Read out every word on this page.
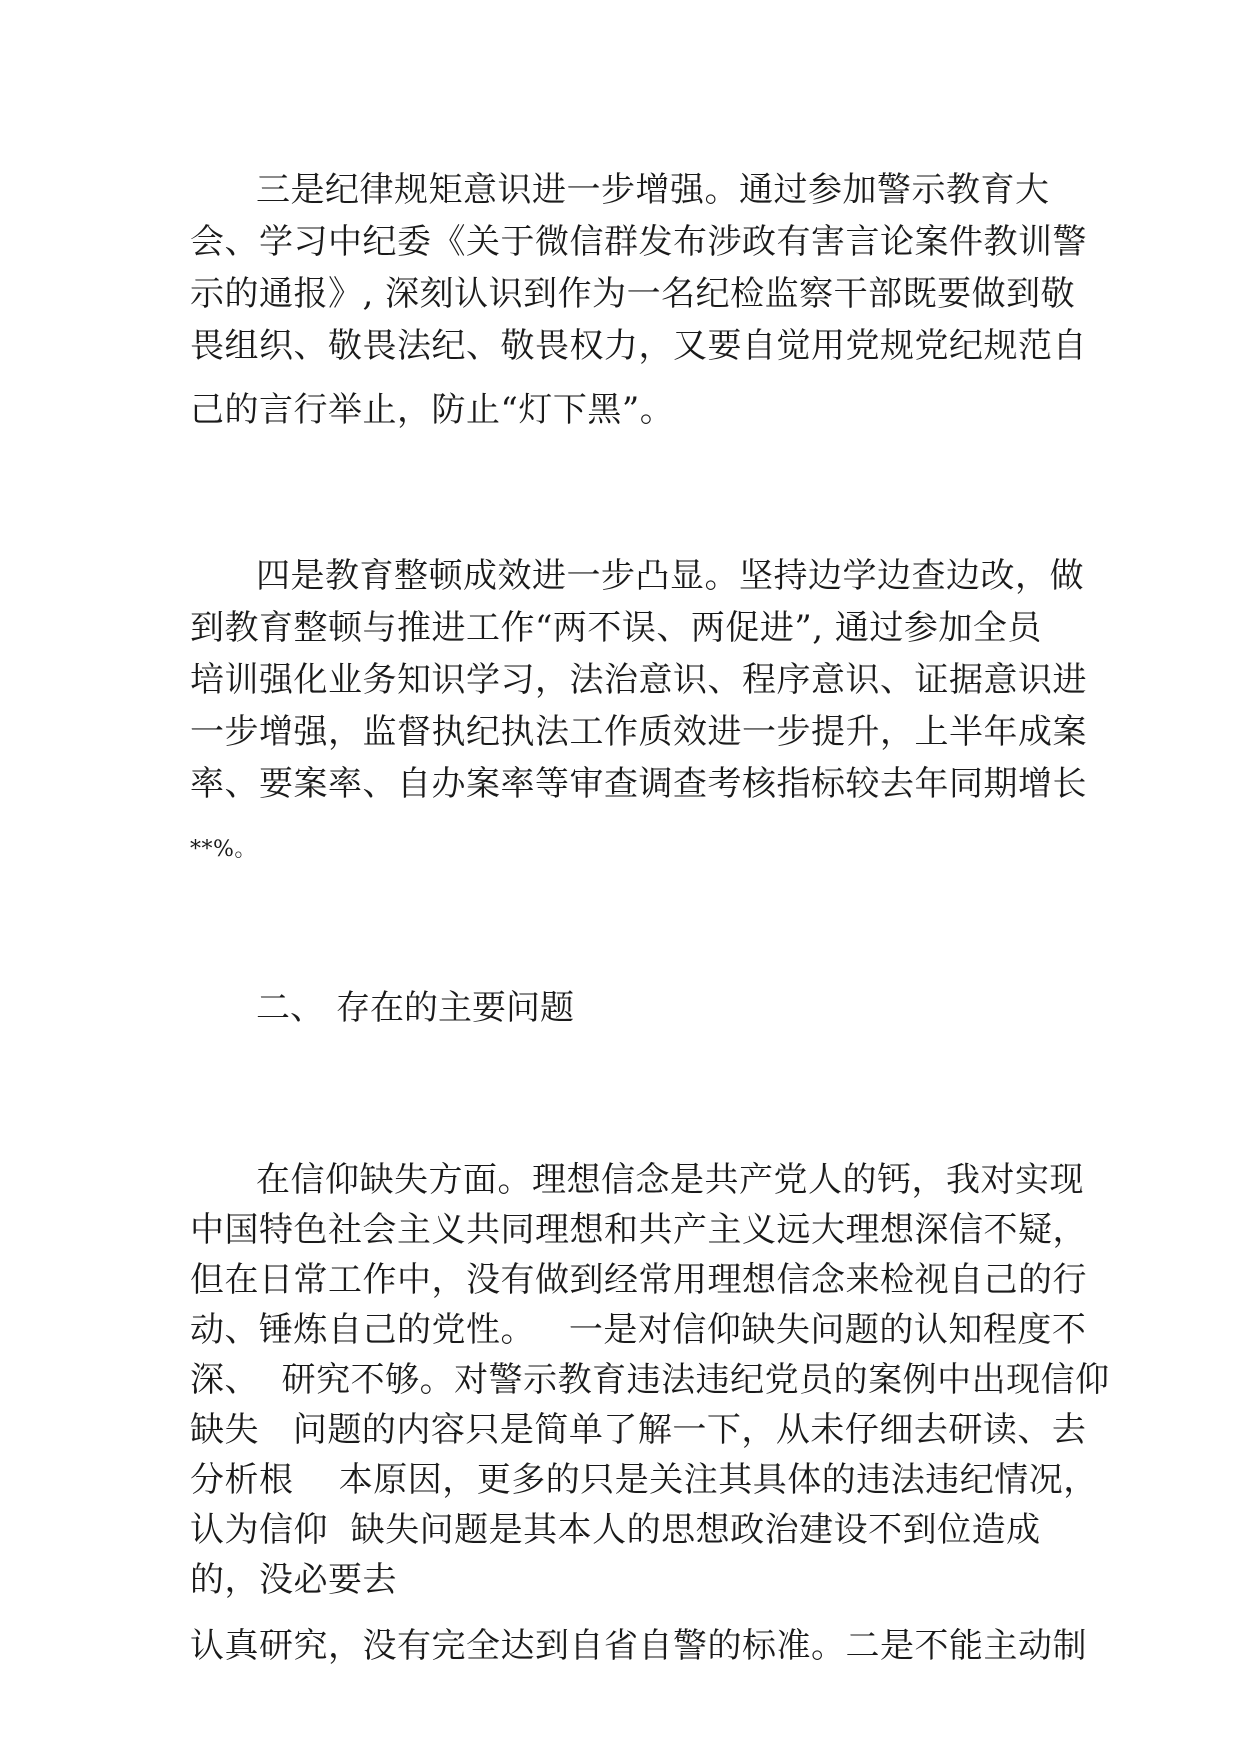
三是纪律规矩意识进一步增强。通过参加警示教育大

会、学习中纪委《关于微信群发布涉政有害言论案件教训警

示的通报》, 深刻认识到作为一名纪检监察干部既要做到敬

畏组织、敬畏法纪、敬畏权力，又要自觉用党规党纪规范自

己的言行举止，防止“灯下黑”。

四是教育整顿成效进一步凸显。坚持边学边查边改，做

到教育整顿与推进工作“两不误、两促进”, 通过参加全员

培训强化业务知识学习，法治意识、程序意识、证据意识进

一步增强，监督执纪执法工作质效进一步提升，上半年成案

率、要案率、自办案率等审查调查考核指标较去年同期增长

**%。

二、 存在的主要问题

在信仰缺失方面。理想信念是共产党人的钙，我对实现

中国特色社会主义共同理想和共产主义远大理想深信不疑，

但在日常工作中，没有做到经常用理想信念来检视自己的行

动、锤炼自己的党性。   一是对信仰缺失问题的认知程度不

深、  研究不够。对警示教育违法违纪党员的案例中出现信仰

缺失   问题的内容只是简单了解一下，从未仔细去研读、去

分析根    本原因，更多的只是关注其具体的违法违纪情况，

认为信仰  缺失问题是其本人的思想政治建设不到位造成

的，没必要去

认真研究，没有完全达到自省自警的标准。二是不能主动制
